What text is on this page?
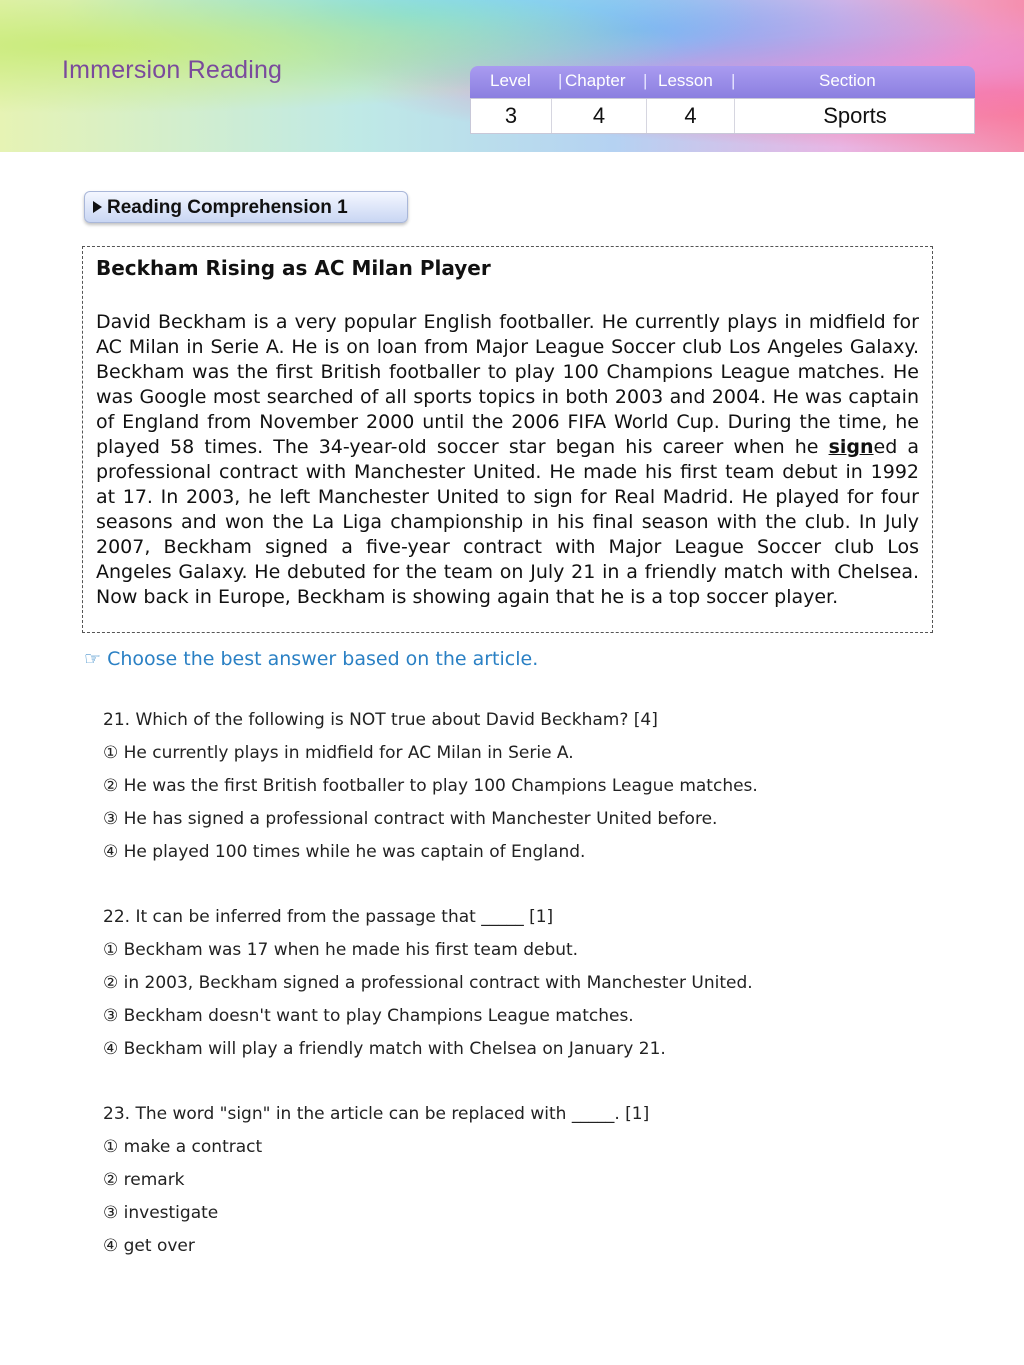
Immersion Reading	Level | Chapter | Lesson |	Section
3	4	4	Sports
Reading Comprehension 1
Beckham Rising as AC Milan Player
David Beckham is a very popular English footballer. He currently plays in midfield for AC Milan in Serie A. He is on loan from Major League Soccer club Los Angeles Galaxy. Beckham was the first British footballer to play 100 Champions League matches. He was Google most searched of all sports topics in both 2003 and 2004. He was captain of England from November 2000 until the 2006 FIFA World Cup. During the time, he played 58 times. The 34-year-old soccer star began his career when he signed a professional contract with Manchester United. He made his first team debut in 1992 at 17. In 2003, he left Manchester United to sign for Real Madrid. He played for four seasons and won the La Liga championship in his final season with the club. In July 2007, Beckham signed a five-year contract with Major League Soccer club Los Angeles Galaxy. He debuted for the team on July 21 in a friendly match with Chelsea. Now back in Europe, Beckham is showing again that he is a top soccer player.
☞ Choose the best answer based on the article.
21. Which of the following is NOT true about David Beckham? [4]
① He currently plays in midfield for AC Milan in Serie A.
② He was the first British footballer to play 100 Champions League matches.
③ He has signed a professional contract with Manchester United before.
④ He played 100 times while he was captain of England.
22. It can be inferred from the passage that _____ [1]
① Beckham was 17 when he made his first team debut.
② in 2003, Beckham signed a professional contract with Manchester United.
③ Beckham doesn't want to play Champions League matches.
④ Beckham will play a friendly match with Chelsea on January 21.
23. The word "sign" in the article can be replaced with _____. [1]
① make a contract
② remark
③ investigate
④ get over
